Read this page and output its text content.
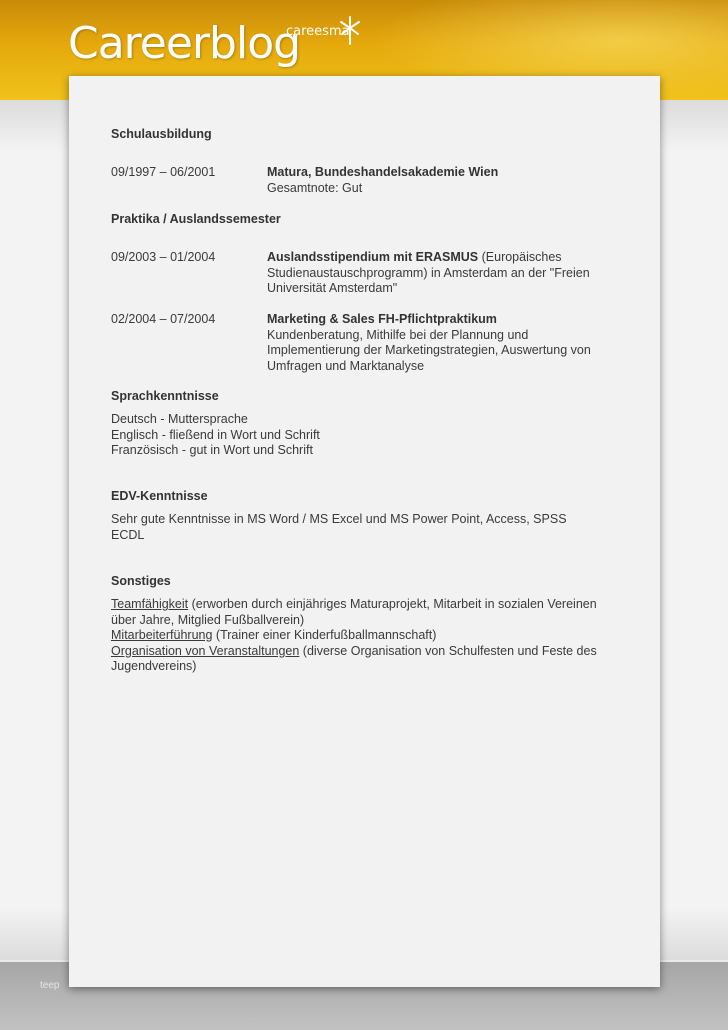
Careerblog
careesma
teep
Schulausbildung
09/1997 – 06/2001	Matura, Bundeshandelsakademie Wien
Gesamtnote: Gut
Praktika / Auslandssemester
09/2003 – 01/2004	Auslandsstipendium mit ERASMUS (Europäisches
Studienaustauschprogramm) in Amsterdam an der "Freien Universität Amsterdam"
02/2004 – 07/2004	Marketing & Sales FH-Pflichtpraktikum
Kundenberatung, Mithilfe bei der Plannung und Implementierung der Marketingstrategien, Auswertung von Umfragen und Marktanalyse
Sprachkenntnisse
Deutsch - Muttersprache
Englisch - fließend in Wort und Schrift
Französisch - gut in Wort und Schrift
EDV-Kenntnisse
Sehr gute Kenntnisse in MS Word / MS Excel und MS Power Point, Access, SPSS
ECDL
Sonstiges
Teamfähigkeit (erworben durch einjähriges Maturaprojekt, Mitarbeit in sozialen Vereinen über Jahre, Mitglied Fußballverein)
Mitarbeiterführung (Trainer einer Kinderfußballmannschaft)
Organisation von Veranstaltungen (diverse Organisation von Schulfesten und Feste des Jugendvereins)
